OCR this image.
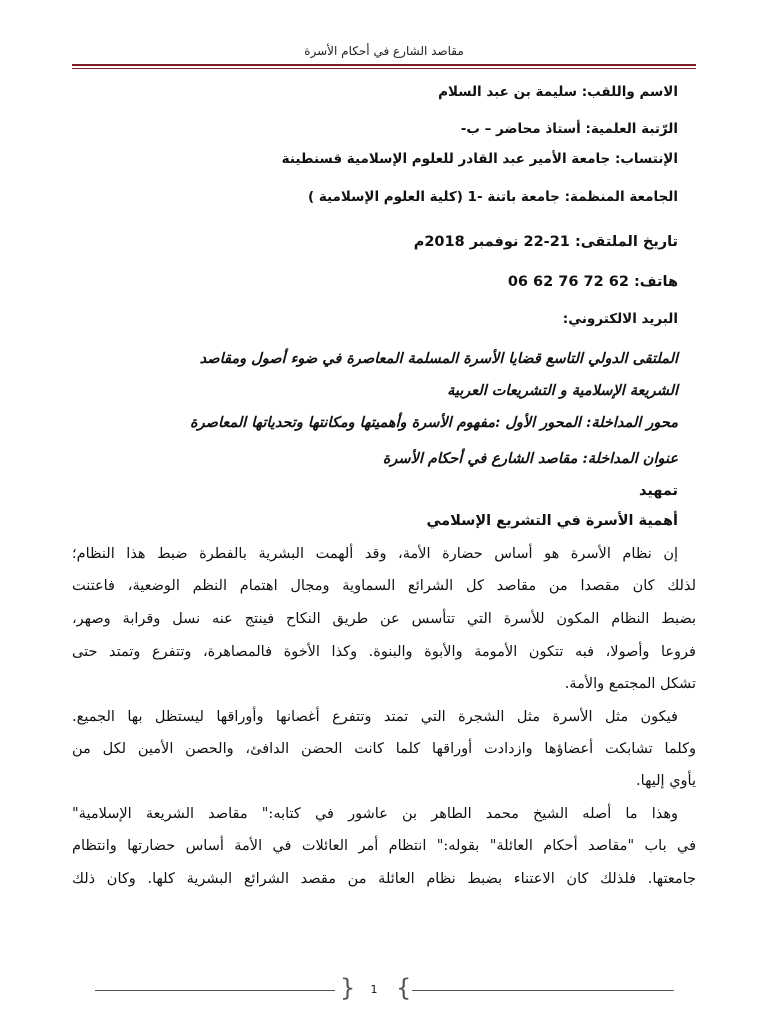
مقاصد الشارع في أحكام الأسرة
الاسم واللقب: سليمة بن عبد السلام
الرّتبة العلمية: أستاذ محاضر – ب-
الإنتساب: جامعة الأمير عبد القادر للعلوم الإسلامية قسنطينة
الجامعة المنظمة: جامعة باتنة -1 (كلية العلوم الإسلامية )
تاريخ الملتقى: 21-22 نوفمبر 2018م
هاتف: 06 62 76 72 62
البريد الالكتروني:
الملتقى الدولي التاسع قضايا الأسرة المسلمة المعاصرة في ضوء أصول ومقاصد
الشريعة الإسلامية و التشريعات العربية
محور المداخلة: المحور الأول :مفهوم الأسرة وأهميتها ومكانتها وتحدياتها المعاصرة
عنوان المداخلة: مقاصد الشارع في أحكام الأسرة
تمهيد
أهمية الأسرة في التشريع الإسلامي
إن نظام الأسرة هو أساس حضارة الأمة، وقد ألهمت البشرية بالفطرة ضبط هذا النظام؛
لذلك كان مقصدا من مقاصد كل الشرائع السماوية ومجال اهتمام النظم الوضعية، فاعتنت
بضبط النظام المكون للأسرة التي تتأسس عن طريق النكاح فينتج عنه نسل وقرابة وصهر،
فروعا وأصولا، فبه تتكون الأمومة والأبوة والبنوة. وكذا الأخوة فالمصاهرة، وتتفرع وتمتد حتى
تشكل المجتمع والأمة.
فيكون مثل الأسرة مثل الشجرة التي تمتد وتتفرع أغصانها وأوراقها ليستظل بها الجميع.
وكلما تشابكت أعضاؤها وازدادت أوراقها كلما كانت الحضن الدافئ، والحصن الأمين لكل من
يأوي إليها.
وهذا ما أصله الشيخ محمد الطاهر بن عاشور في كتابه:" مقاصد الشريعة الإسلامية"
في باب "مقاصد أحكام العائلة" بقوله:" انتظام أمر العائلات في الأمة أساس حضارتها وانتظام
جامعتها. فلذلك كان الاعتناء بضبط نظام العائلة من مقصد الشرائع البشرية كلها. وكان ذلك
{ }
1
